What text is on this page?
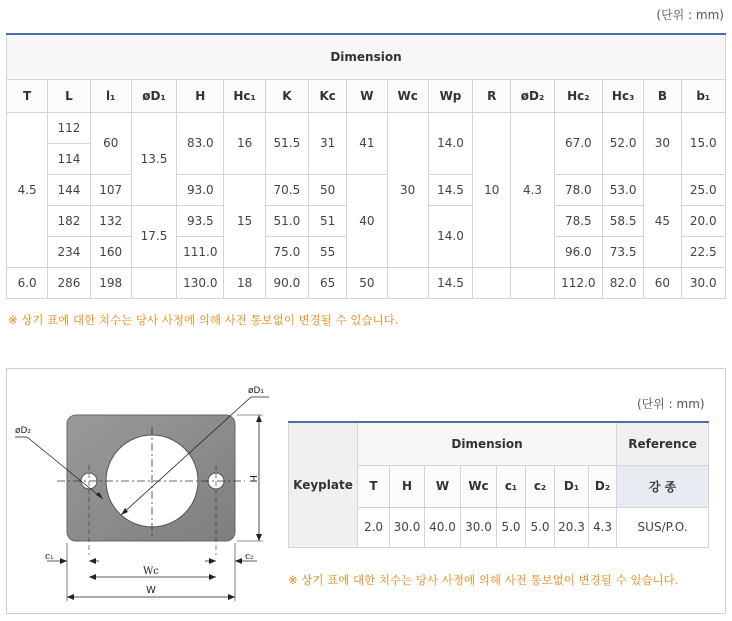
(단위 : mm)
Dimension																
T	L	l₁	øD₁	H	Hc₁	K	Kc	W	Wc	Wp	R	øD₂	Hc₂	Hc₃	B	b₁
4.5	112	60	13.5	83.0	16	51.5	31	41	30	14.0	10	4.3	67.0	52.0	30	15.0
	114															
	144	107		93.0	15	70.5	50	40		14.5			78.0	53.0	45	25.0
	182	132	17.5	93.5		51.0	51			14.0			78.5	58.5		20.0
	234	160		111.0		75.0	55						96.0	73.5		22.5
6.0	286	198		130.0	18	90.0	65	50		14.5			112.0	82.0	60	30.0
※ 상기 표에 대한 치수는 당사 사정에 의해 사전 통보없이 변경될 수 있습니다.
øD₁
øD₂
H
c₁	c₂
Wc
W
(단위 : mm)
Keyplate	Dimension								Reference
	T	H	W	Wc	c₁	c₂	D₁	D₂	강 종
	2.0	30.0	40.0	30.0	5.0	5.0	20.3	4.3	SUS/P.O.
※ 상기 표에 대한 치수는 당사 사정에 의해 사전 통보없이 변경될 수 있습니다.
